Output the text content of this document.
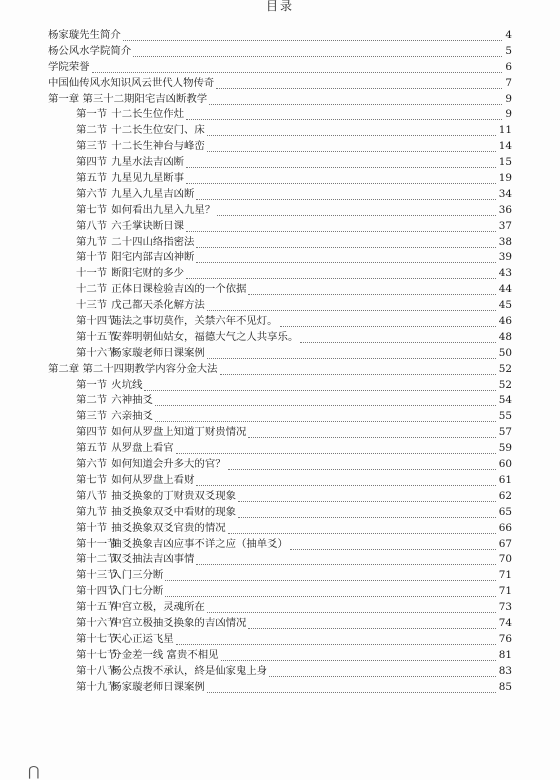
目录
杨家璇先生简介	4
杨公风水学院简介	5
学院荣誉	6
中国仙传风水知识风云世代人物传奇	7
第一章 第三十二期阳宅吉凶断教学	9
第一节 十二长生位作灶	9
第二节 十二长生位安门、床	11
第三节 十二长生神台与峰峦	14
第四节 九星水法吉凶断	15
第五节 九星见九星断事	19
第六节 九星入九星吉凶断	34
第七节 如何看出九星入九星？	36
第八节 六壬掌诀断日课	37
第九节 二十四山络指密法	38
第十节 阳宅内部吉凶神断	39
十一节 断阳宅财的多少	43
十二节 正体日课检验吉凶的一个依据	44
十三节 戊己都天杀化解方法	45
第十四节 违法之事切莫作，关禁六年不见灯。	46
第十五节 安葬明朝仙姑女，福德大气之人共享乐。	48
第十六节 杨家璇老师日课案例	50
第二章 第二十四期教学内容分金大法	52
第一节 火坑线	52
第二节 六神抽爻	54
第三节 六亲抽爻	55
第四节 如何从罗盘上知道丁财贵情况	57
第五节 从罗盘上看官	59
第六节 如何知道会升多大的官？	60
第七节 如何从罗盘上看财	61
第八节 抽爻换象的丁财贵双爻现象	62
第九节 抽爻换象双爻中看财的现象	65
第十节 抽爻换象双爻官贵的情况	66
第十一节 抽爻换象吉凶应事不详之应（抽单爻）	67
第十二节 双爻抽法吉凶事情	70
第十三节 入门三分断	71
第十四节 入门七分断	71
第十五节 中宫立极，灵魂所在	73
第十六节 中宫立极抽爻换象的吉凶情况	74
第十七节 天心正运飞星	76
第十七节 分金差一线 富贵不相见	81
第十八节 杨公点拨不承认，終是仙家鬼上身	83
第十九节 杨家璇老师日课案例	85
⋂
